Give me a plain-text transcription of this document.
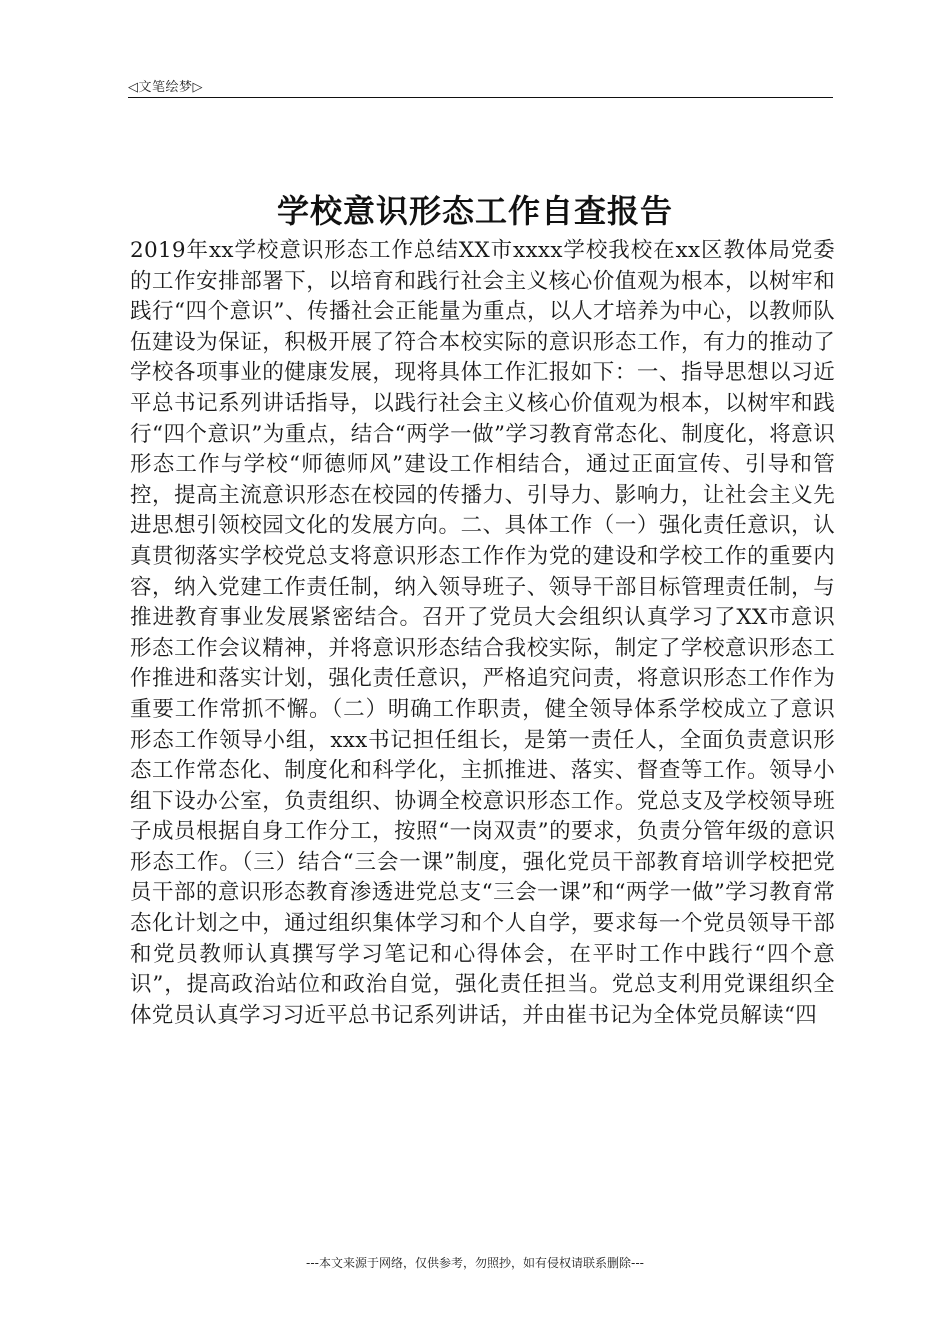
◁文笔绘梦▷
学校意识形态工作自查报告
2019年xx学校意识形态工作总结XX市xxxx学校我校在xx区教体局党委的工作安排部署下，以培育和践行社会主义核心价值观为根本，以树牢和践行“四个意识”、传播社会正能量为重点，以人才培养为中心，以教师队伍建设为保证，积极开展了符合本校实际的意识形态工作，有力的推动了学校各项事业的健康发展，现将具体工作汇报如下：一、指导思想以习近平总书记系列讲话指导，以践行社会主义核心价值观为根本，以树牢和践行“四个意识”为重点，结合“两学一做”学习教育常态化、制度化，将意识形态工作与学校“师德师风”建设工作相结合，通过正面宣传、引导和管控，提高主流意识形态在校园的传播力、引导力、影响力，让社会主义先进思想引领校园文化的发展方向。二、具体工作（一）强化责任意识，认真贯彻落实学校党总支将意识形态工作作为党的建设和学校工作的重要内容，纳入党建工作责任制，纳入领导班子、领导干部目标管理责任制，与推进教育事业发展紧密结合。召开了党员大会组织认真学习了XX市意识形态工作会议精神，并将意识形态结合我校实际，制定了学校意识形态工作推进和落实计划，强化责任意识，严格追究问责，将意识形态工作作为重要工作常抓不懈。（二）明确工作职责，健全领导体系学校成立了意识形态工作领导小组，xxx书记担任组长，是第一责任人，全面负责意识形态工作常态化、制度化和科学化，主抓推进、落实、督查等工作。领导小组下设办公室，负责组织、协调全校意识形态工作。党总支及学校领导班子成员根据自身工作分工，按照“一岗双责”的要求，负责分管年级的意识形态工作。（三）结合“三会一课”制度，强化党员干部教育培训学校把党员干部的意识形态教育渗透进党总支“三会一课”和“两学一做”学习教育常态化计划之中，通过组织集体学习和个人自学，要求每一个党员领导干部和党员教师认真撰写学习笔记和心得体会，在平时工作中践行“四个意识”，提高政治站位和政治自觉，强化责任担当。党总支利用党课组织全体党员认真学习习近平总书记系列讲话，并由崔书记为全体党员解读“四
---本文来源于网络，仅供参考，勿照抄，如有侵权请联系删除---
